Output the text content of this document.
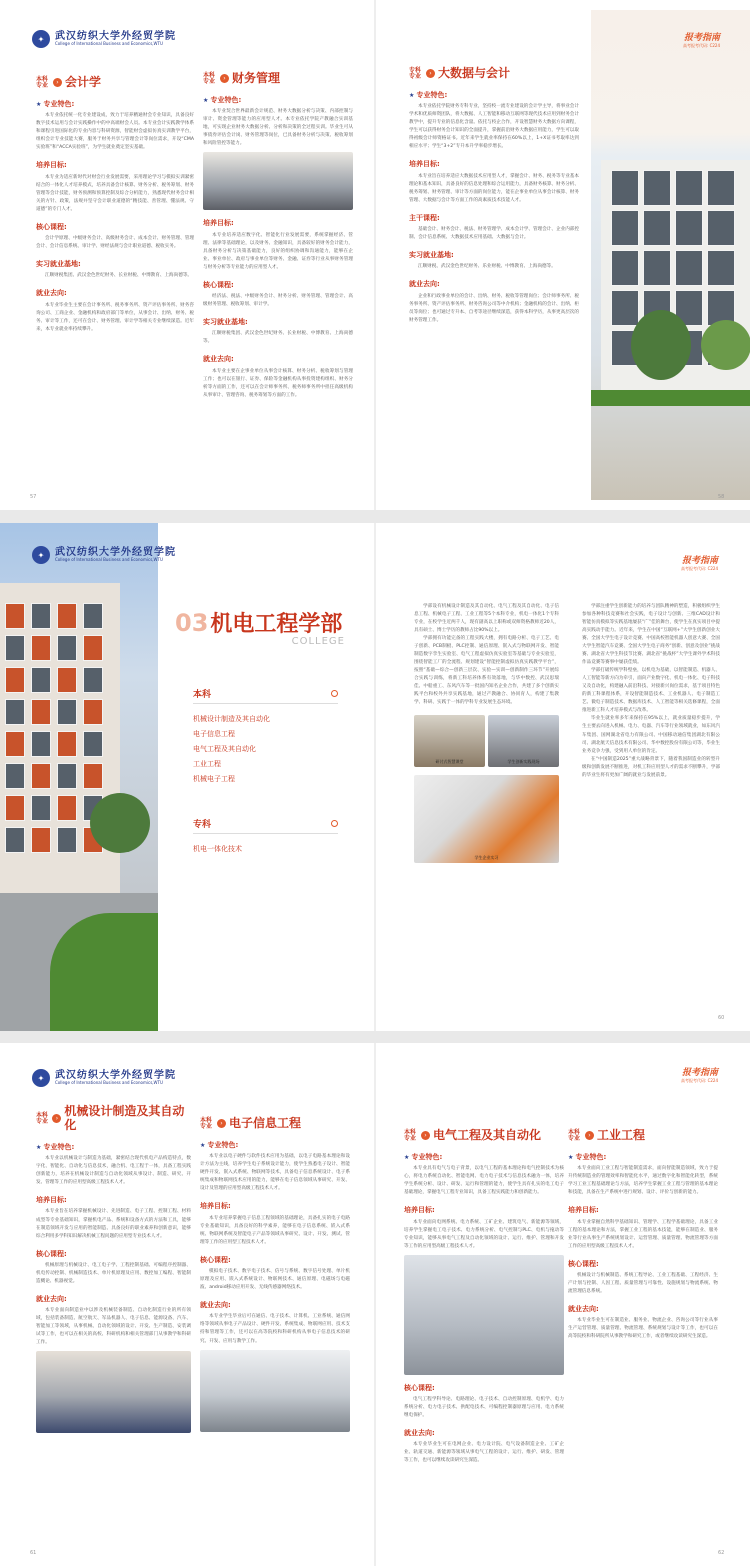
✦	武汉纺织大学外经贸学院
College of International Business and Economics,WTU
本科专业	› 会计学
★ 专业特色:

本专业依托统一化专业建设成，致力于培养精通财会专业知识，具备良好数字技术运用与会计实践操作中的中高端财会人员。本专业会计实践教学体系和课程引进国际化的专业内容与科研资源，智能财会虚拟仿真实训教学平台，组织会计专业技能大赛，服务于财务共享与管理会计等岗位需求，开设“CMA实验班”和“ACCA实验班”，为学生就业奠定坚实基础。

培养目标:

本专业为适应新时代对财会行业发展需要，采用理论学习与模拟实训紧密结合的一体化人才培养模式，培养具备会计核算、财务分析、税务筹划、财务管理等会计技能，财务预测和预算控制及综合分析能力，熟悉现代财务会计相关的方针、政策，法规并坚守会计职业道德的“精技能、善管理、懂法规、守道德”的专门人才。

核心课程:

会计学原理、中级财务会计、高级财务会计、成本会计、财务管理、管理会计、会计信息系统、审计学、财经法规与会计职业道德、税收实务。

实习就业基地:

江顺财税集团、武汉金色世纪财务、长业财税、中博教育、上海尚德等。

就业去向:

本专业毕业生主要在会计事务所、税务事务所、资产评估事务所、财务咨询公司、工商企业、金融机构和政府部门等单位，从事会计、出纳、财务、税务、审计等工作，还可在会计、财务管理、审计学等相关专业继续深造。近年来，本专业就业率持续攀升。

本科专业	› 财务管理
★ 专业特色:

本专业契合世界最新会计规范、财务大数据分析与决策、内部控制与审计、资金管理等能力的应用型人才。本专业依托学院产教融合实训基地，可实现企业财务大数据分析、分析和决策的全过程实训。毕业生可从事债券评估会计岗、财务管理等岗位，已具备财务分析与决策、税收筹划和风险管控等能力。

培养目标:

本专业培养适应数字化、智能化行业发展需要，系统掌握经济、管理、法律等基础理论，以及财务、金融知识，具备较好的财务会计能力，具备财务分析与决策基础能力，良好的组织协调和沟通能力，能够在企业、事业单位、政府与事业单位等财务、金融、证券等行业从事财务管理与财务分析等专业能力的应用型人才。

核心课程:

经济法、税法、中级财务会计、财务分析、财务管理、管理会计、高级财务管理、税收筹划、审计学。

实习就业基地:

江顺财税集团、武汉金色世纪财务、长业财税、中博教育、上海尚德等。

就业去向:

本专业主要在企事业单位从事会计核算、财务分析、税收筹划与管理工作；也可以在银行、证券、保险等金融机构从事投资建构组织、财务分析等方面的工作，还可以在会计师事务所、税务师事务所中担任高级机构从事审计、管理咨询、税务筹划等方面的工作。

专科专业	› 大数据与会计
★ 专业特色:

本专业依托学院财务专科专业，坚持校一流专业建设的会计学主导，将事业会计学术和优质师资团队，将大数据、人工智能和移动互联网等现代技术应用到财务会计教学中，提升专业的信息化含量。依托与校企合作，开设智慧财务大数据方向课程，学生可以获得财务会计知识的全面提升，掌握前沿财务大数据应用能力，学生可以取得初级会计师资格证书。近年来学生就业率保持在60%以上，1+X证书考取率达到相应水平；学生“3+2”专升本升学率稳步增长。

培养目标:

本专业旨在培养适应大数据技术应用型人才，掌握会计、财务、税务等专业基本理论和基本知识，具备良好的信息处理和综合运用能力，具备财务核算、财务分析、税务筹划、财务管理、审计等方面的岗位能力，能在企事业单位从事会计核算、财务管理、大数据与会计等方面工作的高素质技术技能人才。

主干课程:

基础会计、财务会计、税法、财务管理学、成本会计学、管理会计、企业内部控制、会计信息系统、大数据技术应用基础、大数据与会计。

实习就业基地:

江顺财税、武汉金色世纪财务、乐业财税、中博教育、上海尚德等。

就业去向:

企业和行政事业单位的会计、出纳、财务、税收等管理岗位；会计师事务所、税务事务所、资产评估事务所、财务咨询公司等中介机构；金融机构的会计、出纳、柜员等岗位；也可通过专升本、自考等途径继续深造，获得本科学历，从事更高层次的财务管理工作。

报考指南
高考报考代码: C224
57	58
✦	武汉纺织大学外经贸学院
College of International Business and Economics,WTU
03 机电工程学部
COLLEGE
本科
机械设计制造及其自动化
电子信息工程
电气工程及其自动化
工业工程
机械电子工程
专科
机电一体化技术

学部设有机械设计制造及其自动化、电气工程及其自动化、电子信息工程、机械电子工程、工业工程等5个本科专业，机电一体化1个专科专业，在校学生近两千人，现有副高以上职称或双师资格教师近20人，具有硕士、博士学历的教师占比90%以上。

学部拥有功能完备的工程实践大楼，拥有电路分析、电子工艺、电子创新、PCB制板、PLC控制、通信原理、嵌入式与物联网开发、智能制造数字孪生实验室、电气工程虚拟仿真实验室等基础与专业实验室，围绕智能工厂的全流程、规划建设“智能控制虚拟仿真实践教学平台”，按照“基础—综合—创新三层次、实验—实训—创新制作三环节”开展综合实践与训练，将新工科培养体系有效落地，与华中数控、武汉思瑞佳、中船重工、东风汽车等一批国内知名企业合作，共建了多个创新实践平台和校外共享实践基地，通过产教融合、协同育人，构建了集教学、科研、实践于一体的学科专业发展生态环境。

研讨式智慧课堂	学生创新实践现场
学生企业实习

学部注重学生创新能力的培养与团队精神的塑造，积极组织学生参加各种科技竞赛和社会实践，电子设计与创新、三维CAD设计和智能仿真模拟等实践基地屡获“广”佳的舞台，使学生在真实项目中提高实践动手能力。近年来，学生在中国“互联网+”大学生创新创业大赛、全国大学生电子设计竞赛、中国高校智能机器人创意大赛、全国大学生智能汽车竞赛、全国大学生电子商务“创新、创意及创业”挑战赛、湖北省大学生科技节比赛、湖北省“挑战杯”大学生课外学术科技作品竞赛等赛事中屡获佳绩。

学部打破传统学科壁垒，以机电为基础，以智能制造、机器人、人工智能等新方向为牵引，面向产业数字化、机电一体化、电子科技又及自动化，构建融入前沿科技、对接新兴岗位需求，基于项目特色的新工科课程体系，开设智能制造技术、工业机器人、电子制造工艺、微电子制造技术、数据库技术、人工智能等相关选修课程，全面推进新工科人才培养模式与改革。

毕业生就业率多年来保持在95%以上，就业质量稳步提升，学生主要去向进入机械、电力、电器、汽车等行业领域就业，如东风汽车集团、国网湖北省电力有限公司、中国移动通信集团湖北有限公司、湖北航天信息技术有限公司、华中数控股份有限公司等，毕业生业务竞争力强，受到用人单位的肯定。

在“中国制造2025”重大战略背景下，随着我国制造业的转型升级和创新发展不断推进，对机工科应用型人才的需求不断攀升，学部的毕业生将有更加广阔的就业与发展前景。

报考指南
高考报考代码: C224
60
✦	武汉纺织大学外经贸学院
College of International Business and Economics,WTU
报考指南
高考报考代码: C224
本科专业	›
机械设计制造及其自动化
★ 专业特色:

本专业以机械设计与制造为基础，紧密结合现代机电产品构造特点，数字化、智能化、自动化与信息技术，融合机、电工程于一体，具备工程实践创新能力，培养在机械设计制造与自动化领域从事设计、制造、研究、开发、管理等工作的应用型高级工程技术人才。

培养目标:

本专业旨在培养掌握机械设计、先进制造、电子工程、控制工程、材料成型等专业基础知识，掌握机电产品、系统和设备方式的方法和工具，能够在制造领域开发与应用的智能制造、具备良好的职业素养和创新意识，能够综合利用多学科知识解决机械工程问题的应用型专业技术人才。

核心课程:

机械原理与机械设计、电工电子学、工程控制基础、可编程序控制器、机电传动控制、机械制造技术、单片机原理及应用、数控加工编程、智能制造概论、机器视觉。

就业去向:

本专业面向制造业中以涉及机械装备制造、自动化制造行业的所有领域，包括装备制造、航空航天、军品机器人、电子信息、能源设备、汽车、智能加工等领域，从事机械、自动化领域的设计、开发、生产制造、安装调试等工作，也可以在相关的高校、科研机构和相关管理部门从事教学和科研工作。

本科专业	› 电子信息工程
★ 专业特色:

本专业以电子硬件与软件技术应用为基础，以电子电路基本理论和设计方法为主线，培养学生电子系统设计能力，使学生熟悉电子设计、智能硬件开发、嵌入式系统、物联网等技术，具备电子信息系统设计、电子系统集成和物联网技术应用的能力，能够在电子信息领域从事研究、开发、设计及管理的应用型高级工程技术人才。

培养目标:

本专业培养掌握电子信息工程领域的基础理论，具备扎实的电子电路专业基础知识，具备良好的科学素养，能够在电子信息系统、嵌入式系统、物联网系统及智能电子产品等领域从事研究、设计、开发、测试、管理等工作的应用型工程技术人才。

核心课程:

模拟电子技术、数字电子技术、信号与系统、数字信号处理、单片机原理及应用、嵌入式系统设计、物联网技术、通信原理、电磁场与电磁波、android移动应用开发、无线传感器网络技术。

就业去向:

本专业学生毕业后可在通信、电子技术、计算机、工业系统、通信网络等领域从事电子产品设计、硬件开发、系统集成、物联网应用、技术支持和管理等工作，还可以在高等院校和科研机构从事电子信息技术的研究、开发、应用与教学工作。

本科专业	› 电气工程及其自动化
★ 专业特色:

本专业具有电气与电子背景，以电气工程的基本理论和电气控制技术为核心，将电力系统自动化、智能电网、电力电子技术与信息技术融为一体，培养学生系统分析、设计、研发、运行和管理的能力，使学生具有扎实的电工电子基础理论，掌握电气工程专业知识，具备工程实践能力和创新能力。

培养目标:

本专业面向电网系统、电力系统、工矿企业、建筑电气、新能源等领域，培养学生掌握电工电子技术、电力系统分析、电气控制与PLC、电机与拖动等专业知识，能够从事电气工程及自动化领域的设计、运行、维护、管理和开发等工作的应用型高级工程技术人才。

核心课程:

电气工程学科导论、电路理论、电子技术、自动控制原理、电机学、电力系统分析、电力电子技术、供配电技术、可编程控制器原理与应用、电力系统继电保护。

就业去向:

本专业毕业生可在电网企业、电力设计院、电气设备制造企业、工矿企业、轨道交通、新能源等领域从事电气工程的设计、运行、维护、研发、管理等工作，也可以继续攻读研究生深造。

本科专业	› 工业工程
★ 专业特色:

本专业面向工业工程与智能制造需求，面向智能制造领域，致力于提升传统制造业的管理效率和智能化水平，通过数字化和智能化转型，系统学习工业工程基础理论与方法，培养学生掌握工业工程与管理的基本理论和技能，具备在生产系统中进行规划、设计、评价与创新的能力。

培养目标:

本专业掌握自然科学基础知识、管理学、工程学基础理论，具备工业工程的基本理论和方法，掌握工业工程的基本技能，能够在制造业、服务业等行业从事生产系统规划设计、运营管理、质量管理、物流管理等方面工作的应用型高级工程技术人才。

核心课程:

机械设计与机械制造、系统工程导论、工业工程基础、工程经济、生产计划与控制、人因工程、质量管理与可靠性、设施规划与物流系统、物流管理信息系统。

就业去向:

本专业毕业生可在制造业、服务业、物流企业、咨询公司等行业从事生产运营管理、质量管理、物流管理、系统规划与设计等工作，也可以在高等院校和科研院所从事教学和研究工作，或者继续攻读研究生深造。

61	62
